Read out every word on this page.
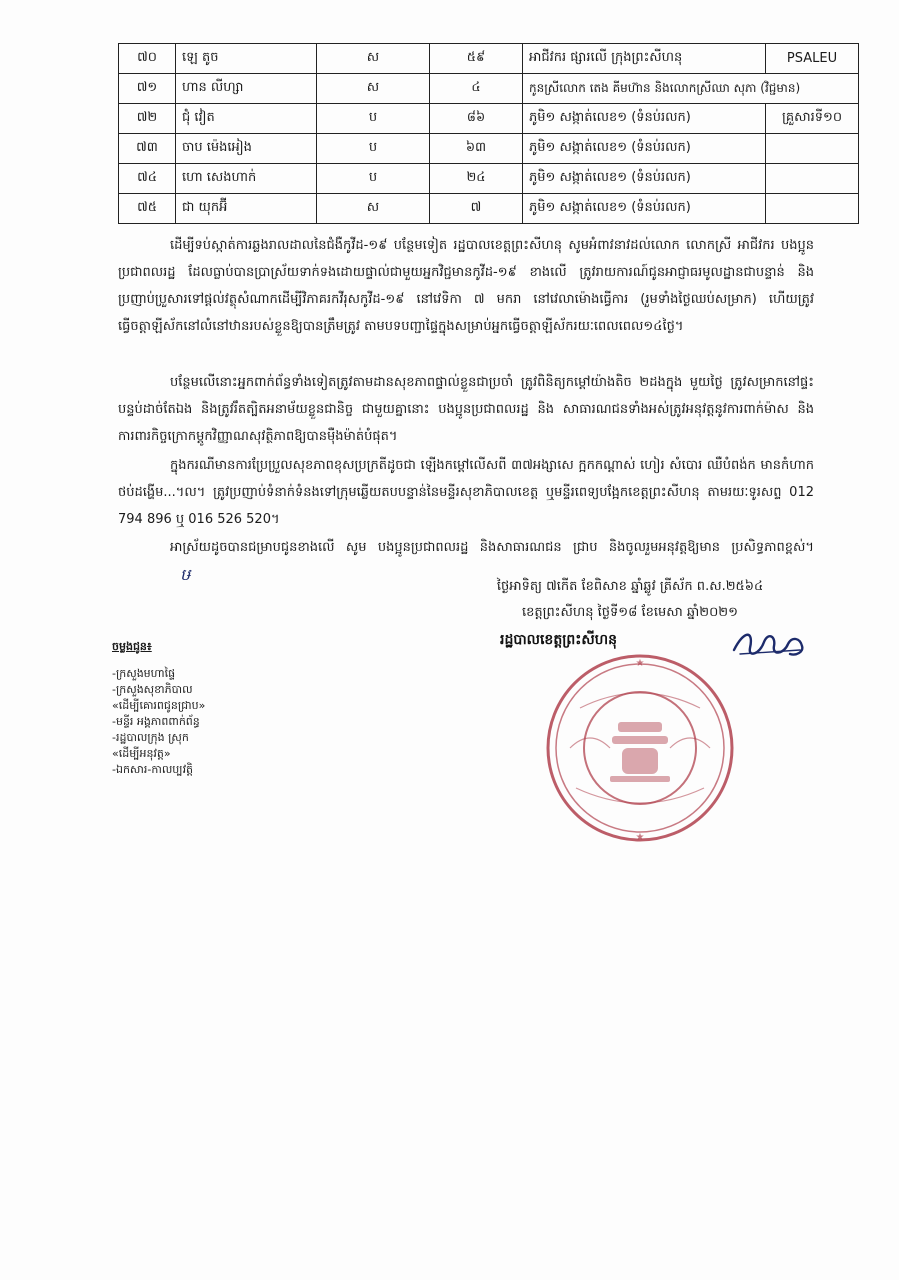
៧០	ឡេ តូច	ស	៥៩	អាជីវករ ផ្សារលើ ក្រុងព្រះសីហនុ	PSALEU
៧១	ហាន លីហ្សា	ស	៤	កូនស្រីលោក តេង គីមហ៊ាន និងលោកស្រីឈា សុភា (វិជ្ជមាន)	
៧២	ជុំ វៀត	ប	៨៦	ភូមិ១ សង្កាត់លេខ១ (ទំនប់រលក)	គ្រួសារទី១០
៧៣	ចាប ម៉េងអៀង	ប	៦៣	ភូមិ១ សង្កាត់លេខ១ (ទំនប់រលក)	
៧៤	ហោ សេងហាក់	ប	២៤	ភូមិ១ សង្កាត់លេខ១ (ទំនប់រលក)	
៧៥	ជា យុកអ៊ី	ស	៧	ភូមិ១ សង្កាត់លេខ១ (ទំនប់រលក)	

ដើម្បីទប់ស្កាត់ការឆ្លងរាលដាលនៃជំងឺកូវីដ-១៩ បន្ថែមទៀត រដ្ឋបាលខេត្តព្រះសីហនុ សូមអំពាវនាវដល់លោក លោកស្រី អាជីវករ បងប្អូនប្រជាពលរដ្ឋ ដែលធ្លាប់បានប្រាស្រ័យទាក់ទងដោយផ្ទាល់ជាមួយអ្នកវិជ្ជមានកូវីដ-១៩ ខាងលើ ត្រូវរាយការណ៍ជូនអាជ្ញាធរមូលដ្ឋានជាបន្ទាន់ និងប្រញាប់ប្រួសារទៅផ្តល់វត្ថុសំណាកដើម្បីវិភាគរកវីរុសកូវីដ-១៩ នៅវេទិកា ៧ មករា នៅវេលាម៉ោងធ្វើការ (រួមទាំងថ្ងៃឈប់សម្រាក) ហើយត្រូវធ្វើចត្តាឡីស័កនៅលំនៅឋានរបស់ខ្លួនឱ្យបានត្រឹមត្រូវ តាមបទបញ្ជាផ្ទៃក្នុងសម្រាប់អ្នកធ្វើចត្តាឡីស័ករយៈពេលពេល១៤ថ្ងៃ។

បន្ថែមលើនោះអ្នកពាក់ព័ន្ធទាំងទៀតត្រូវតាមដានសុខភាពផ្ទាល់ខ្លួនជាប្រចាំ ត្រូវពិនិត្យកម្តៅយ៉ាងតិច ២ដងក្នុង មួយថ្ងៃ ត្រូវសម្រាកនៅផ្ទះបន្ទប់ដាច់តែឯង និងត្រូវរឹតត្បិតអនាម័យខ្លួនជានិច្ច ជាមួយគ្នានោះ បងប្អូនប្រជាពលរដ្ឋ និង សាធារណជនទាំងអស់ត្រូវអនុវត្តនូវការពាក់ម៉ាស និងការពារកិច្ចក្រោកម្តូកវិញ្ញាណសុវត្ថិភាពឱ្យបានម៉ឺងម៉ាត់បំផុត។

ក្នុងករណីមានការប្រែប្រួលសុខភាពខុសប្រក្រតីដូចជា ឡើងកម្តៅលើសពី ៣៧អង្សាសេ ក្អកកណ្តាស់ ហៀរ សំបោរ ឈឺបំពង់ក មានកំហាក ថប់ដង្ហើម...។ល។ ត្រូវប្រញាប់ទំនាក់ទំនងទៅក្រុមឆ្លើយតបបន្ទាន់នៃមន្ទីរសុខាភិបាលខេត្ត ឬមន្ទីរពេទ្យបង្អែកខេត្តព្រះសីហនុ តាមរយៈទូរសព្ទ 012 794 896 ឬ 016 526 520។

អាស្រ័យដូចបានជម្រាបជូនខាងលើ សូម បងប្អូនប្រជាពលរដ្ឋ និងសាធារណជន ជ្រាប និងចូលរួមអនុវត្តឱ្យមាន ប្រសិទ្ធភាពខ្ពស់។ឞ

ថ្ងៃអាទិត្យ ៧កើត ខែពិសាខ ឆ្នាំឆ្លូវ ត្រីស័ក ព.ស.២៥៦៤

ខេត្តព្រះសីហនុ ថ្ងៃទី១៨ ខែមេសា ឆ្នាំ២០២១

រដ្ឋបាលខេត្តព្រះសីហនុ

★
★

ចម្លងជូន៖

-ក្រសួងមហាផ្ទៃ

-ក្រសួងសុខាភិបាល

«ដើម្បីគោរពជូនជ្រាប»

-មន្ទីរ អង្គភាពពាក់ព័ន្ធ

-រដ្ឋបាលក្រុង ស្រុក

«ដើម្បីអនុវត្ត»

-ឯកសារ-កាលប្បវត្តិ
